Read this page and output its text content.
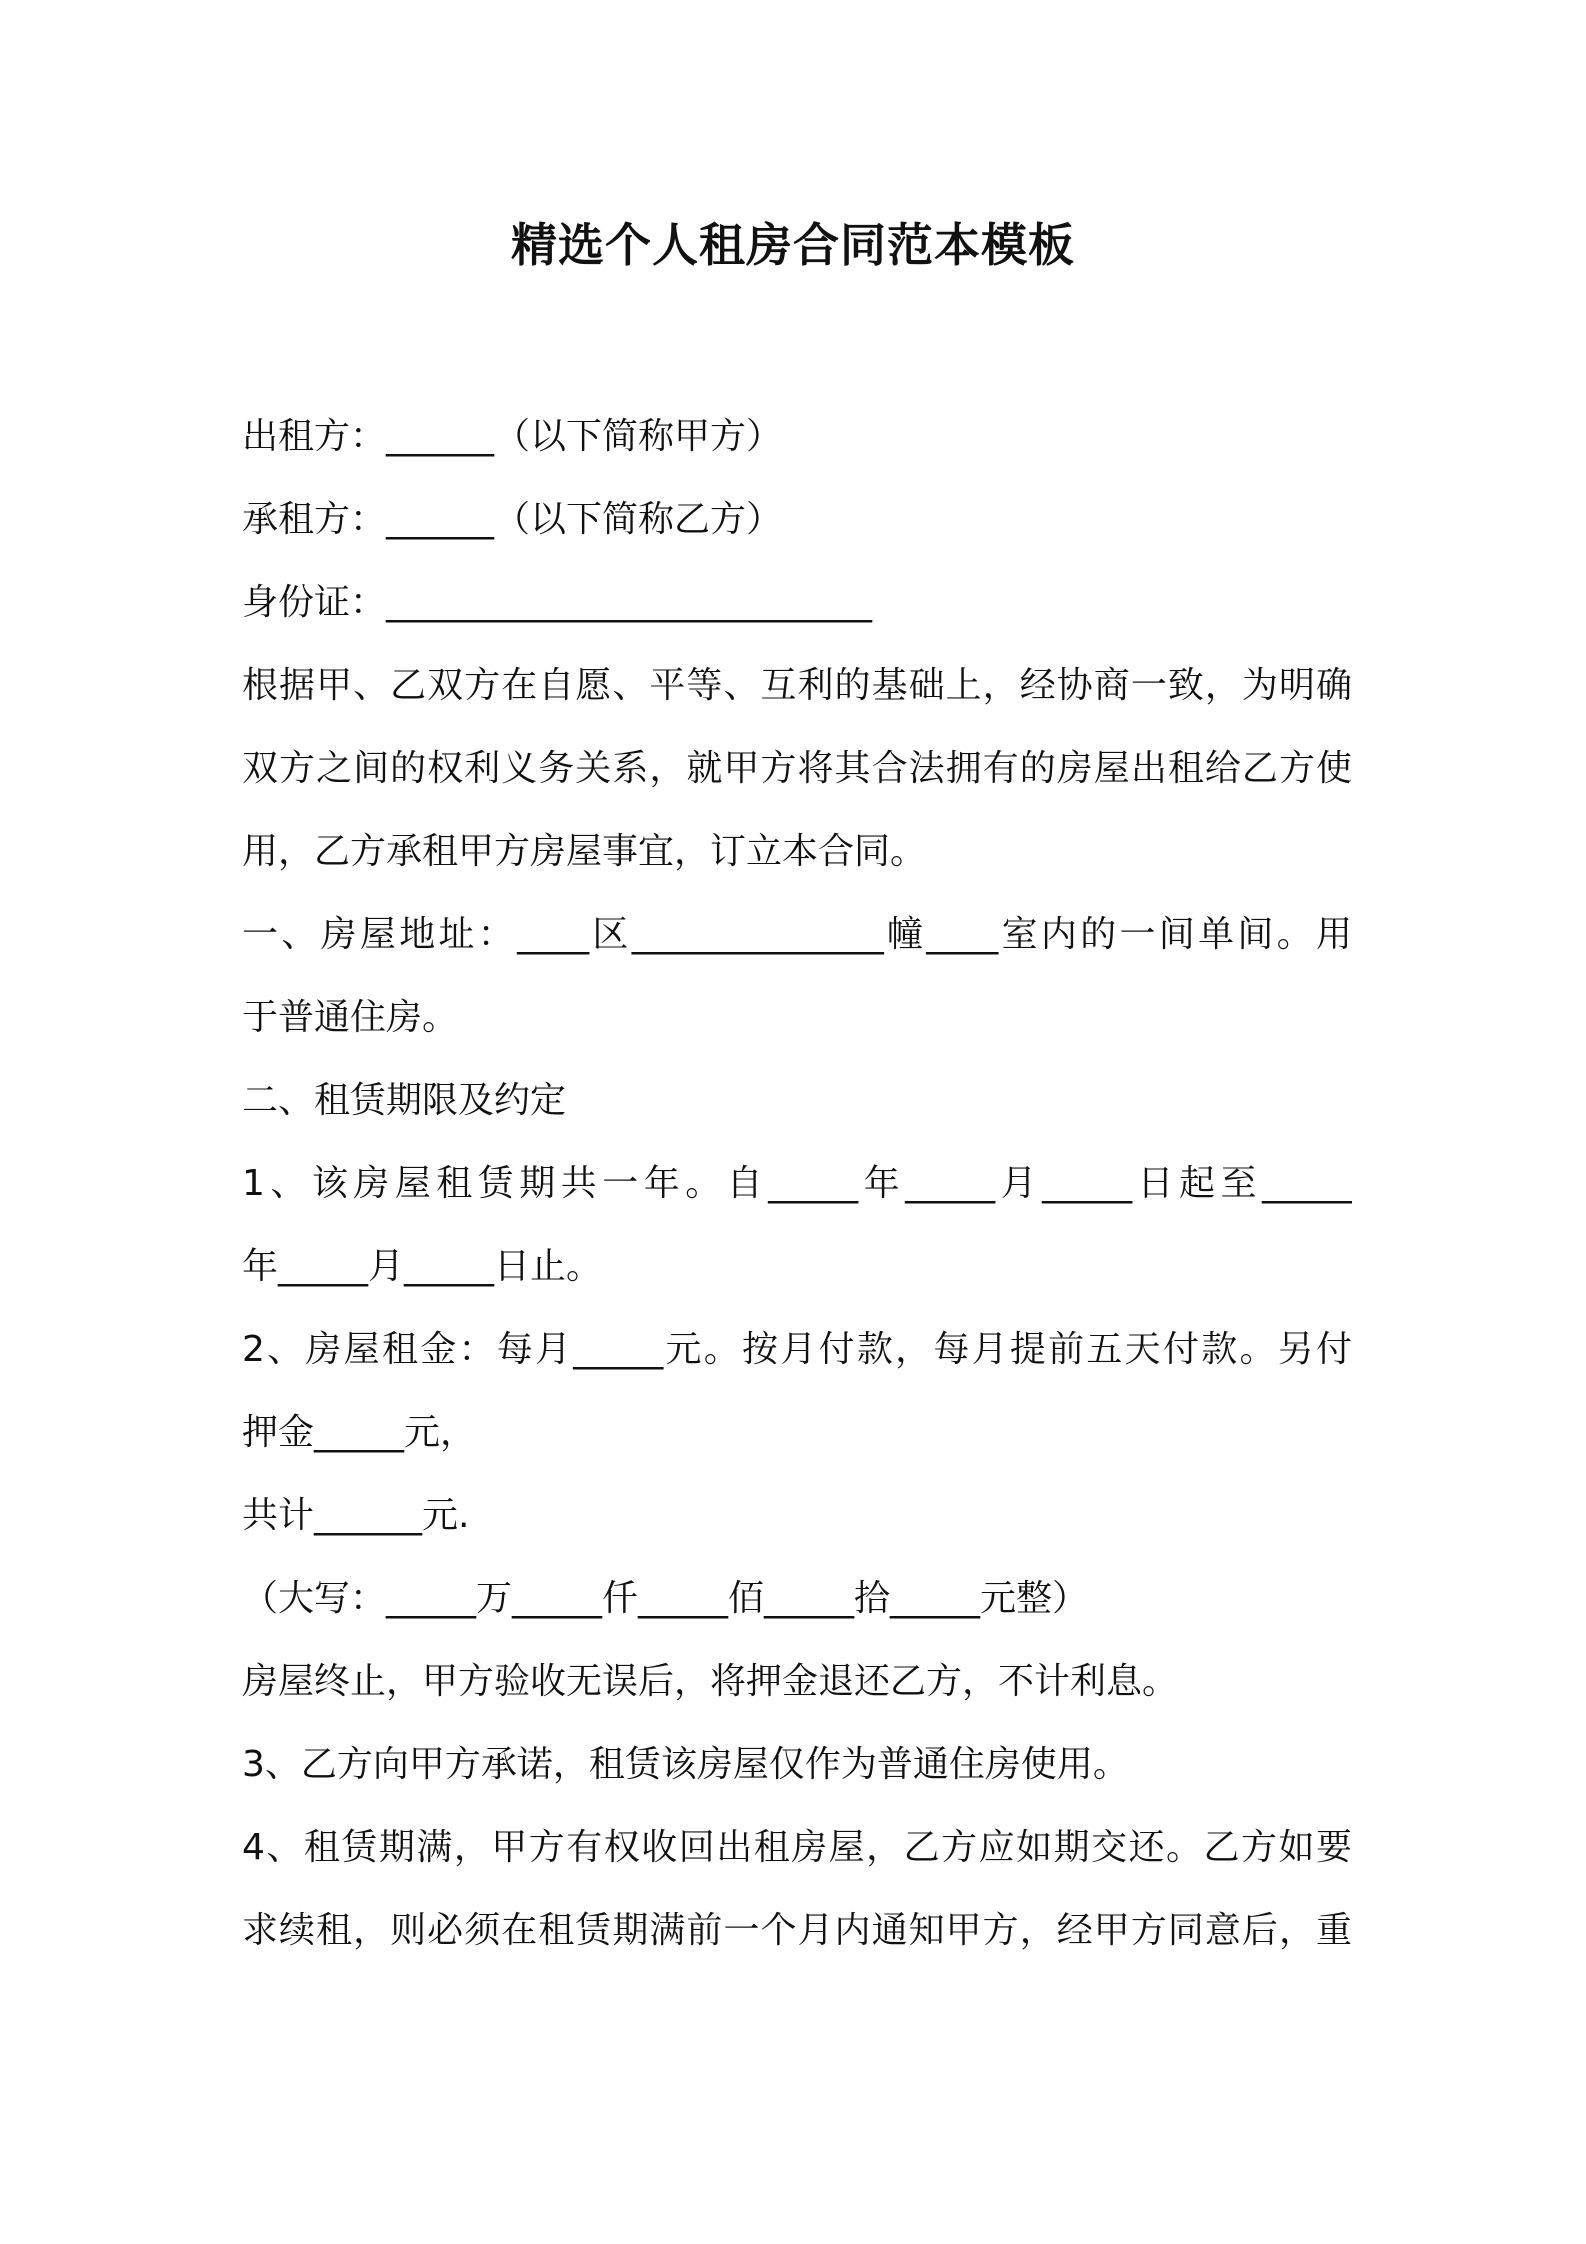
精选个人租房合同范本模板
出租方：______（以下简称甲方）
承租方：______（以下简称乙方）
身份证：___________________________
根据甲、乙双方在自愿、平等、互利的基础上，经协商一致，为明确
双方之间的权利义务关系，就甲方将其合法拥有的房屋出租给乙方使
用，乙方承租甲方房屋事宜，订立本合同。
一、房屋地址：____区______________幢____室内的一间单间。用
于普通住房。
二、租赁期限及约定
1、该房屋租赁期共一年。自_____年_____月_____日起至_____
年_____月_____日止。
2、房屋租金：每月_____元。按月付款，每月提前五天付款。另付
押金_____元，
共计______元.
（大写：_____万_____仟_____佰_____拾_____元整）
房屋终止，甲方验收无误后，将押金退还乙方，不计利息。
3、乙方向甲方承诺，租赁该房屋仅作为普通住房使用。
4、租赁期满，甲方有权收回出租房屋，乙方应如期交还。乙方如要
求续租，则必须在租赁期满前一个月内通知甲方，经甲方同意后，重
